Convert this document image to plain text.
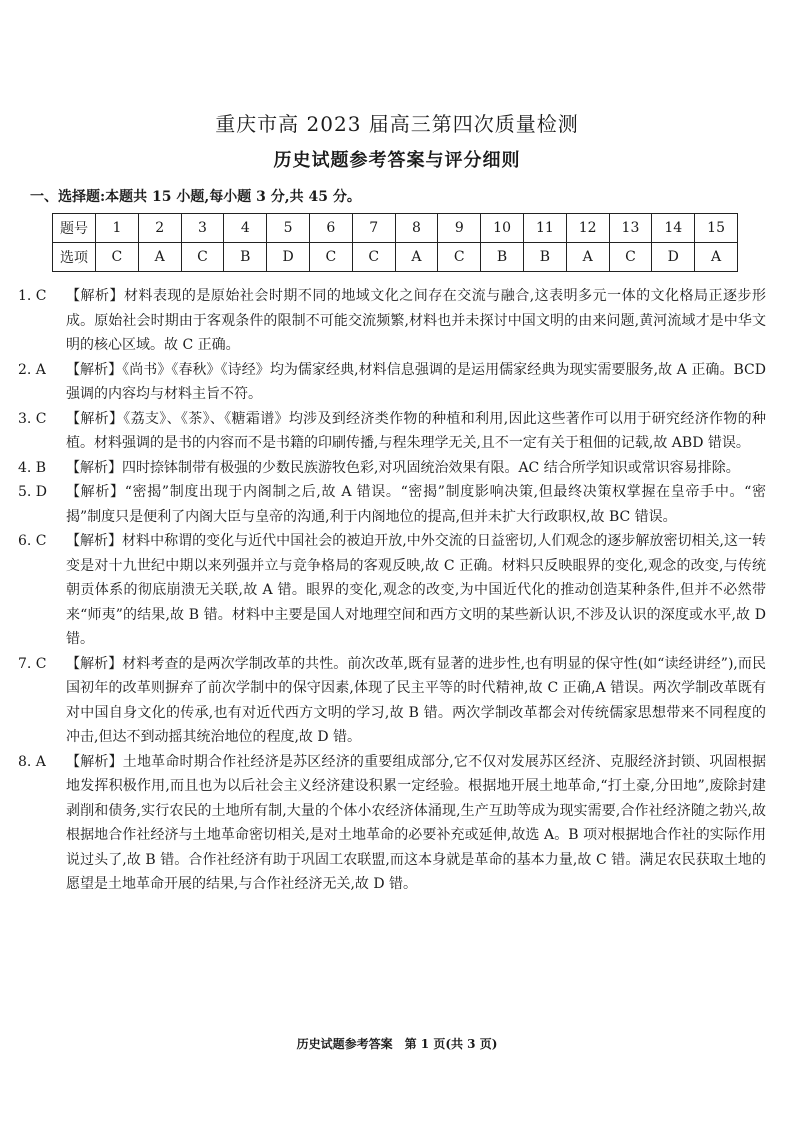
重庆市高 2023 届高三第四次质量检测
历史试题参考答案与评分细则
一、选择题:本题共 15 小题,每小题 3 分,共 45 分。
题号	1	2	3	4	5	6	7	8	9	10	11	12	13	14	15
选项	C	A	C	B	D	C	C	A	C	B	B	A	C	D	A
1. C	【解析】材料表现的是原始社会时期不同的地域文化之间存在交流与融合,这表明多元一体的文化格局正逐步形成。原始社会时期由于客观条件的限制不可能交流频繁,材料也并未探讨中国文明的由来问题,黄河流域才是中华文明的核心区域。故 C 正确。
2. A	【解析】《尚书》《春秋》《诗经》均为儒家经典,材料信息强调的是运用儒家经典为现实需要服务,故 A 正确。BCD 强调的内容均与材料主旨不符。
3. C	【解析】《荔支》、《茶》、《糖霜谱》均涉及到经济类作物的种植和利用,因此这些著作可以用于研究经济作物的种植。材料强调的是书的内容而不是书籍的印刷传播,与程朱理学无关,且不一定有关于租佃的记载,故 ABD 错误。
4. B	【解析】四时捺钵制带有极强的少数民族游牧色彩,对巩固统治效果有限。AC 结合所学知识或常识容易排除。
5. D	【解析】“密揭”制度出现于内阁制之后,故 A 错误。“密揭”制度影响决策,但最终决策权掌握在皇帝手中。“密揭”制度只是便利了内阁大臣与皇帝的沟通,利于内阁地位的提高,但并未扩大行政职权,故 BC 错误。
6. C	【解析】材料中称谓的变化与近代中国社会的被迫开放,中外交流的日益密切,人们观念的逐步解放密切相关,这一转变是对十九世纪中期以来列强并立与竞争格局的客观反映,故 C 正确。材料只反映眼界的变化,观念的改变,与传统朝贡体系的彻底崩溃无关联,故 A 错。眼界的变化,观念的改变,为中国近代化的推动创造某种条件,但并不必然带来“师夷”的结果,故 B 错。材料中主要是国人对地理空间和西方文明的某些新认识,不涉及认识的深度或水平,故 D 错。
7. C	【解析】材料考查的是两次学制改革的共性。前次改革,既有显著的进步性,也有明显的保守性(如“读经讲经”),而民国初年的改革则摒弃了前次学制中的保守因素,体现了民主平等的时代精神,故 C 正确,A 错误。两次学制改革既有对中国自身文化的传承,也有对近代西方文明的学习,故 B 错。两次学制改革都会对传统儒家思想带来不同程度的冲击,但达不到动摇其统治地位的程度,故 D 错。
8. A	【解析】土地革命时期合作社经济是苏区经济的重要组成部分,它不仅对发展苏区经济、克服经济封锁、巩固根据地发挥积极作用,而且也为以后社会主义经济建设积累一定经验。根据地开展土地革命,“打土豪,分田地”,废除封建剥削和债务,实行农民的土地所有制,大量的个体小农经济体涌现,生产互助等成为现实需要,合作社经济随之勃兴,故根据地合作社经济与土地革命密切相关,是对土地革命的必要补充或延伸,故选 A。B 项对根据地合作社的实际作用说过头了,故 B 错。合作社经济有助于巩固工农联盟,而这本身就是革命的基本力量,故 C 错。满足农民获取土地的愿望是土地革命开展的结果,与合作社经济无关,故 D 错。
历史试题参考答案　第 1 页(共 3 页)
